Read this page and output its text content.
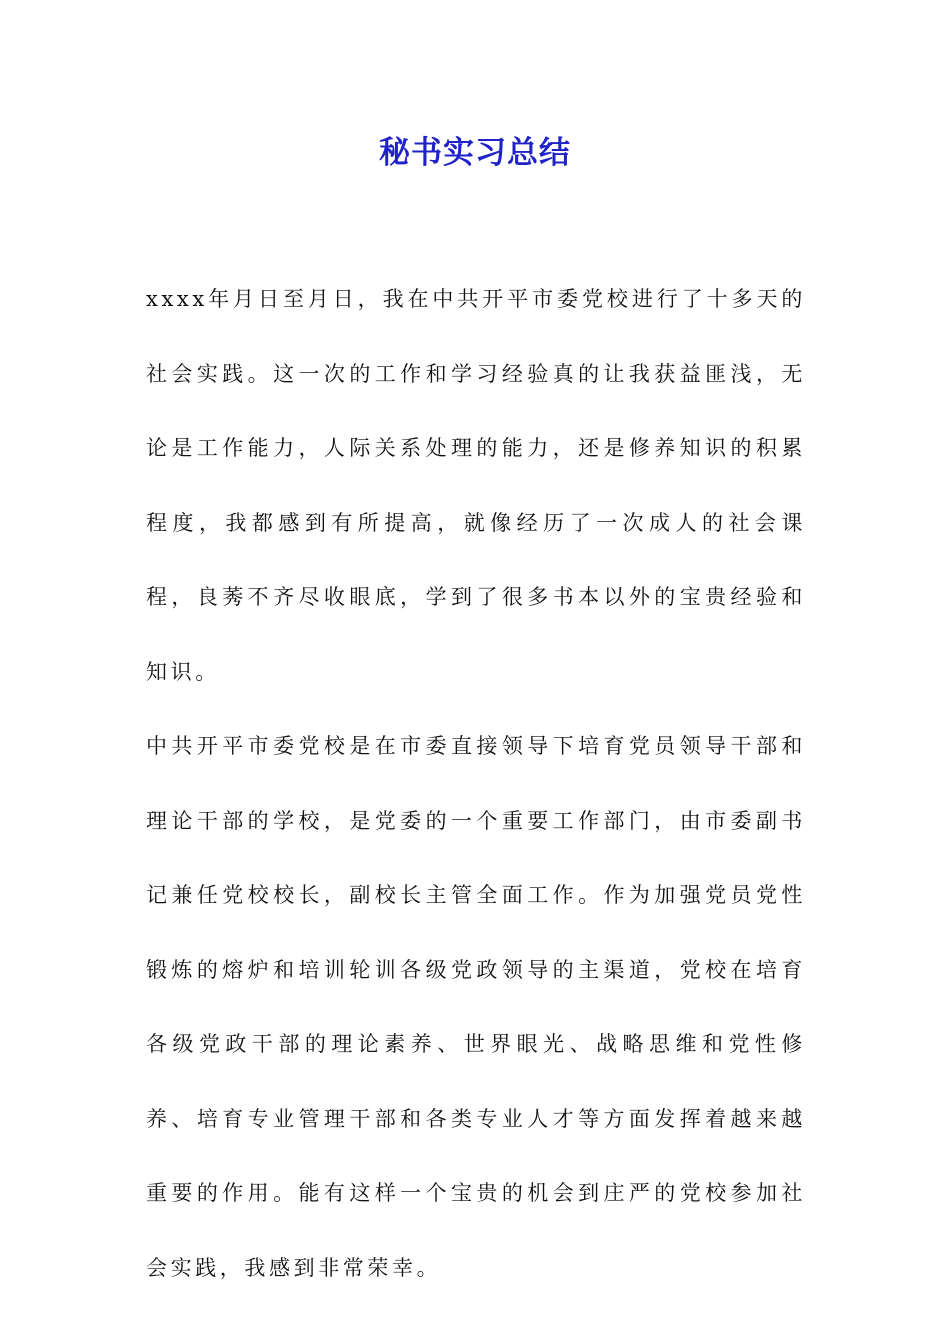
秘书实习总结

xxxx年月日至月日，我在中共开平市委党校进行了十多天的社会实践。这一次的工作和学习经验真的让我获益匪浅，无论是工作能力，人际关系处理的能力，还是修养知识的积累程度，我都感到有所提高，就像经历了一次成人的社会课程，良莠不齐尽收眼底，学到了很多书本以外的宝贵经验和知识。

中共开平市委党校是在市委直接领导下培育党员领导干部和理论干部的学校，是党委的一个重要工作部门，由市委副书记兼任党校校长，副校长主管全面工作。作为加强党员党性锻炼的熔炉和培训轮训各级党政领导的主渠道，党校在培育各级党政干部的理论素养、世界眼光、战略思维和党性修养、培育专业管理干部和各类专业人才等方面发挥着越来越重要的作用。能有这样一个宝贵的机会到庄严的党校参加社会实践，我感到非常荣幸。
